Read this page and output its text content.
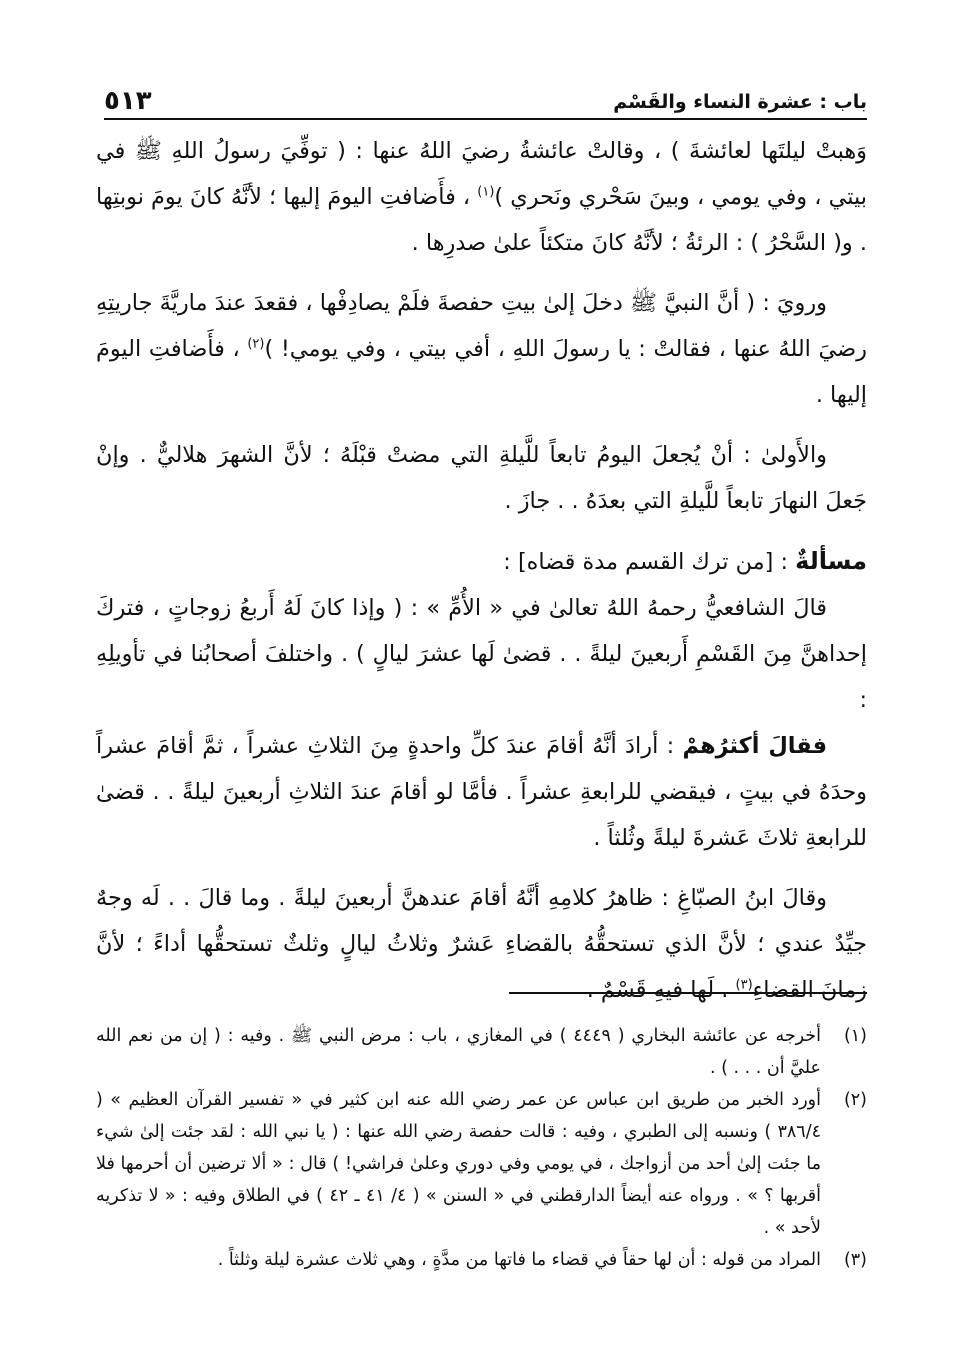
باب : عشرة النساء والقَسْم
٥١٣

وَهبتْ ليلتَها لعائشةَ ) ، وقالتْ عائشةُ رضيَ اللهُ عنها : ( توفِّيَ رسولُ اللهِ ﷺ في بيتي ، وفي يومي ، وبينَ سَحْري ونَحري )$^{(١)}$ ، فأَضافتِ اليومَ إليها ؛ لأنَّهُ كانَ يومَ نوبتِها . و( السَّحْرُ ) : الرئةُ ؛ لأنَّهُ كانَ متكئاً علىٰ صدرِها .

ورويَ : ( أنَّ النبيَّ ﷺ دخلَ إلىٰ بيتِ حفصةَ فلَمْ يصادِفْها ، فقعدَ عندَ ماريَّةَ جاريتِهِ رضيَ اللهُ عنها ، فقالتْ : يا رسولَ اللهِ ، أفي بيتي ، وفي يومي! )$^{(٢)}$ ، فأَضافتِ اليومَ إليها .

والأَولىٰ : أنْ يُجعلَ اليومُ تابعاً للَّيلةِ التي مضتْ قبْلَهُ ؛ لأنَّ الشهرَ هلاليٌّ . وإنْ جَعلَ النهارَ تابعاً للَّيلةِ التي بعدَهُ . . جازَ .

مسألةٌ : [من ترك القسم مدة قضاه] :

قالَ الشافعيُّ رحمهُ اللهُ تعالىٰ في « الأُمِّ » : ( وإذا كانَ لَهُ أَربعُ زوجاتٍ ، فتركَ إحداهنَّ مِنَ القَسْمِ أَربعينَ ليلةً . . قضىٰ لَها عشرَ ليالٍ ) . واختلفَ أصحابُنا في تأويلِهِ :

فقالَ أكثرُهمْ : أرادَ أنَّهُ أقامَ عندَ كلِّ واحدةٍ مِنَ الثلاثِ عشراً ، ثمَّ أقامَ عشراً وحدَهُ في بيتٍ ، فيقضي للرابعةِ عشراً . فأمَّا لو أقامَ عندَ الثلاثِ أربعينَ ليلةً . . قضىٰ للرابعةِ ثلاثَ عَشرةَ ليلةً وثُلثاً .

وقالَ ابنُ الصبّاغِ : ظاهرُ كلامِهِ أنَّهُ أقامَ عندهنَّ أربعينَ ليلةً . وما قالَ . . لَه وجهٌ جيِّدٌ عندي ؛ لأنَّ الذي تستحقُّهُ بالقضاءِ عَشرٌ وثلاثُ ليالٍ وثلثٌ تستحقُّها أداءً ؛ لأنَّ زمانَ القضاءِ$^{(٣)}$ . لَها فيهِ قَسْمٌ .

(١)
أخرجه عن عائشة البخاري ( ٤٤٤٩ ) في المغازي ، باب : مرض النبي ﷺ . وفيه : ( إن من نعم الله عليَّ أن . . . ) .
(٢)
أورد الخبر من طريق ابن عباس عن عمر رضي الله عنه ابن كثير في « تفسير القرآن العظيم » ( ٣٨٦/٤ ) ونسبه إلى الطبري ، وفيه : قالت حفصة رضي الله عنها : ( يا نبي الله : لقد جئت إلىٰ شيء ما جئت إلىٰ أحد من أزواجك ، في يومي وفي دوري وعلىٰ فراشي! ) قال : « ألا ترضين أن أحرمها فلا أقربها ؟ » . ورواه عنه أيضاً الدارقطني في « السنن » ( ٤/ ٤١ ـ ٤٢ ) في الطلاق وفيه : « لا تذكريه لأحد » .
(٣)
المراد من قوله : أن لها حقاً في قضاء ما فاتها من مدَّةٍ ، وهي ثلاث عشرة ليلة وثلثاً .
